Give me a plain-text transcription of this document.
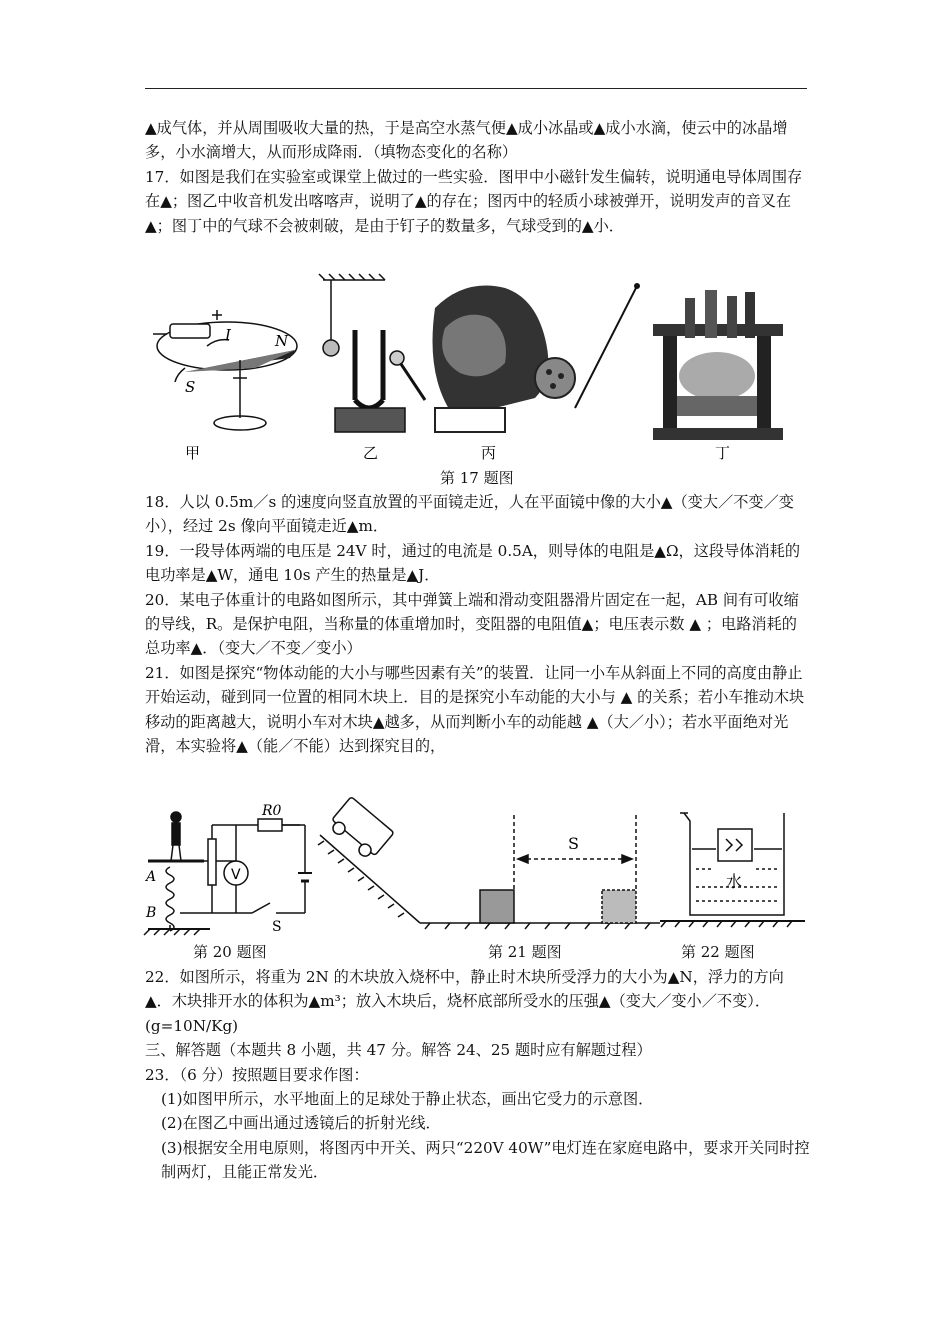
▲成气体，并从周围吸收大量的热，于是高空水蒸气便▲成小冰晶或▲成小水滴，使云中的冰晶增多，小水滴增大，从而形成降雨．（填物态变化的名称）

17．如图是我们在实验室或课堂上做过的一些实验．图甲中小磁针发生偏转，说明通电导体周围存在▲；图乙中收音机发出喀喀声，说明了▲的存在；图丙中的轻质小球被弹开，说明发声的音叉在▲；图丁中的气球不会被刺破，是由于钉子的数量多，气球受到的▲小．

I	N
S
甲	乙	丙	丁
第 17 题图

18．人以 0.5m／s 的速度向竖直放置的平面镜走近，人在平面镜中像的大小▲（变大／不变／变小），经过 2s 像向平面镜走近▲m．

19．一段导体两端的电压是 24V 时，通过的电流是 0.5A，则导体的电阻是▲Ω，这段导体消耗的电功率是▲W，通电 10s 产生的热量是▲J．

20．某电子体重计的电路如图所示，其中弹簧上端和滑动变阻器滑片固定在一起，AB 间有可收缩的导线，R。是保护电阻，当称量的体重增加时，变阻器的电阻值▲；电压表示数 ▲ ；电路消耗的总功率▲．（变大／不变／变小）

21．如图是探究“物体动能的大小与哪些因素有关”的装置．让同一小车从斜面上不同的高度由静止开始运动，碰到同一位置的相同木块上．目的是探究小车动能的大小与 ▲ 的关系；若小车推动木块移动的距离越大，说明小车对木块▲越多，从而判断小车的动能越 ▲（大／小）；若水平面绝对光滑，本实验将▲（能／不能）达到探究目的，

V
R0
A
B
S
S
水
第 20 题图	第 21 题图	第 22 题图

22．如图所示，将重为 2N 的木块放入烧杯中，静止时木块所受浮力的大小为▲N，浮力的方向▲．木块排开水的体积为▲m³；放入木块后，烧杯底部所受水的压强▲（变大／变小／不变）．(g=10N/Kg)

三、解答题（本题共 8 小题，共 47 分。解答 24、25 题时应有解题过程）

23．（6 分）按照题目要求作图：

(1)如图甲所示，水平地面上的足球处于静止状态，画出它受力的示意图．

(2)在图乙中画出通过透镜后的折射光线．

(3)根据安全用电原则，将图丙中开关、两只“220V 40W”电灯连在家庭电路中，要求开关同时控制两灯，且能正常发光．
